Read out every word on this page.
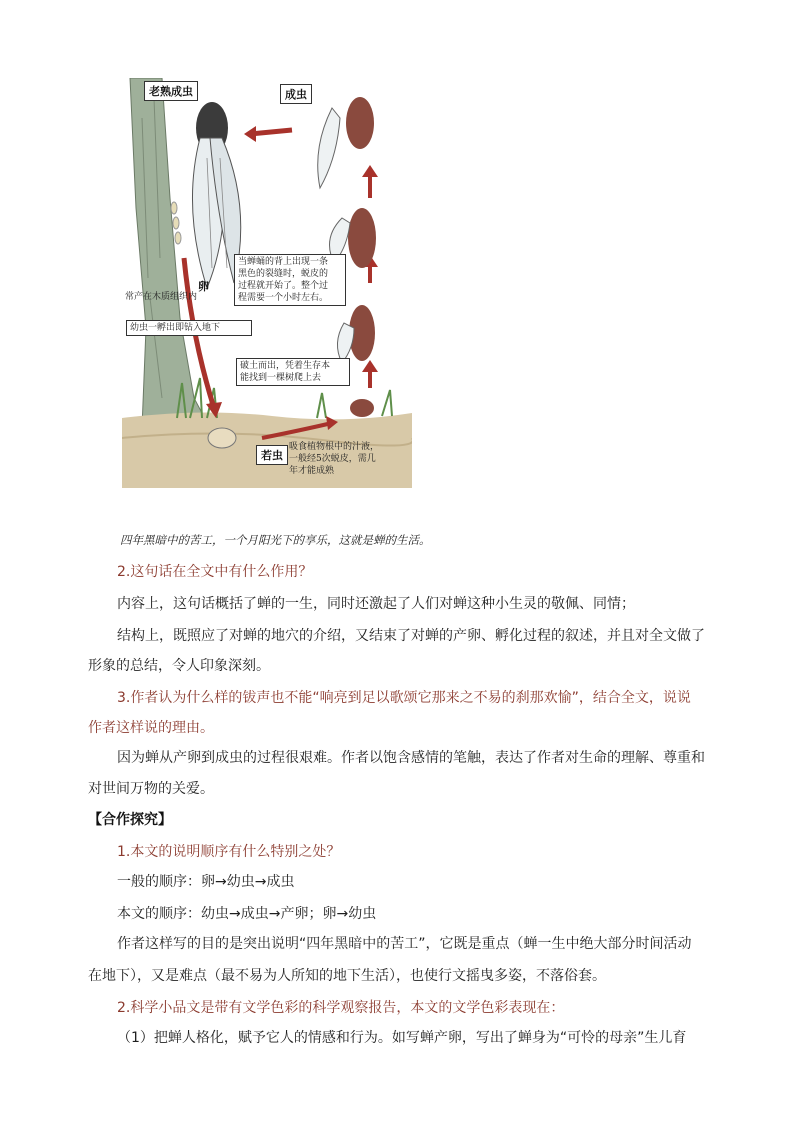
老熟成虫	成虫
卵
常产在木质组织内
幼虫一孵出即钻入地下
当蝉蛹的背上出现一条
黑色的裂缝时，蜕皮的
过程就开始了。整个过
程需要一个小时左右。
破土而出，凭着生存本
能找到一棵树爬上去
若虫
吸食植物根中的汁液，
一般经5次蜕皮，需几
年才能成熟
四年黑暗中的苦工，一个月阳光下的享乐，这就是蝉的生活。
2.这句话在全文中有什么作用？
内容上，这句话概括了蝉的一生，同时还激起了人们对蝉这种小生灵的敬佩、同情；
结构上，既照应了对蝉的地穴的介绍，又结束了对蝉的产卵、孵化过程的叙述，并且对全文做了
形象的总结，令人印象深刻。
3.作者认为什么样的钹声也不能“响亮到足以歌颂它那来之不易的刹那欢愉”，结合全文，说说
作者这样说的理由。
因为蝉从产卵到成虫的过程很艰难。作者以饱含感情的笔触，表达了作者对生命的理解、尊重和
对世间万物的关爱。
【合作探究】
1.本文的说明顺序有什么特别之处？
一般的顺序：卵→幼虫→成虫
本文的顺序：幼虫→成虫→产卵；卵→幼虫
作者这样写的目的是突出说明“四年黑暗中的苦工”，它既是重点（蝉一生中绝大部分时间活动
在地下），又是难点（最不易为人所知的地下生活），也使行文摇曳多姿，不落俗套。
2.科学小品文是带有文学色彩的科学观察报告，本文的文学色彩表现在：
（1）把蝉人格化，赋予它人的情感和行为。如写蝉产卵，写出了蝉身为“可怜的母亲”生儿育
